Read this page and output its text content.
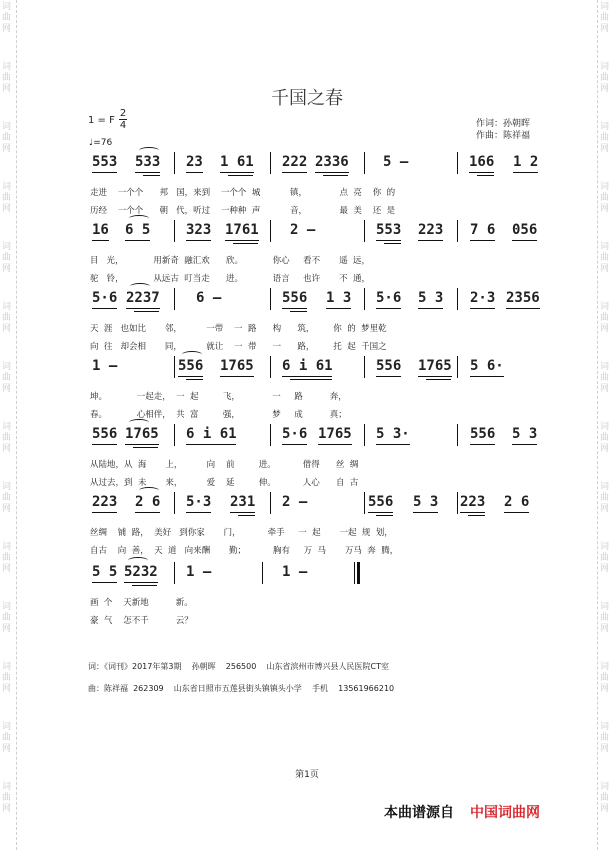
词曲网
词曲网
词曲网
词曲网
词曲网
词曲网
词曲网
词曲网
词曲网
词曲网
词曲网
词曲网
词曲网
词曲网
词曲网
词曲网
词曲网
词曲网
词曲网
词曲网
词曲网
词曲网
词曲网
词曲网
词曲网
词曲网
词曲网
词曲网
千国之春
1 = F
2
4
♩=76
作词：孙朝晖
作曲：陈祥福
553 533 23 1 61 222 2336 5 –	166 1 2
走进    一个个      邦   国，来到    一个个  城           镇，            点  亮    你  的
历经    一个个      朝   代，听过    一种种  声           音，            最  美    还  是
16 6 5	323 1761 2 –	553 223 7 6 056
目   光，           用新奇  融汇欢      欣。           你心     看不       遥  远，
驼   铃，           从远古  叮当走      进。           语言     也许       不  通，
5·6 2237	6 –	556 1 3 5·6 5 3 2·3 2356
天  涯   也如比       邻，         一带    一  路      构      筑，       你  的  梦里乾
向  往   却会相       同，         就让    一  带      一      路，       托  起  千国之
1 –	556 1765 6 i 61	556 1765 5 6·
坤。           一起走，  一  起         飞，            一     路          奔，
春。           心相伴，  共  富         强，            梦     成          真；
556 1765 6 i 61	5·6 1765 5 3·	556 5 3
从陆地，从  海       上，         向    前         进。          借得      丝  绸
从过去，到  未       来，         爱    延         伸。          人心      自  古
223 2 6 5·3 231 2 –	556 5 3 223 2 6
丝绸    铺  路，  美好   到你家       门，          牵手     一  起       一起  规  划，
自古    向  善，  天  道   向来酬       勤；          胸有     万  马       万马  奔  腾，
5 5 5232 1 –	1 –
画  个    天新地          新。
豪  气    怎不千          云？
词：《词刊》2017年第3期    孙朝晖    256500    山东省滨州市博兴县人民医院CT室
曲：陈祥福  262309    山东省日照市五莲县街头镇镇头小学    手机    13561966210
第1页
本曲谱源自 中国词曲网
